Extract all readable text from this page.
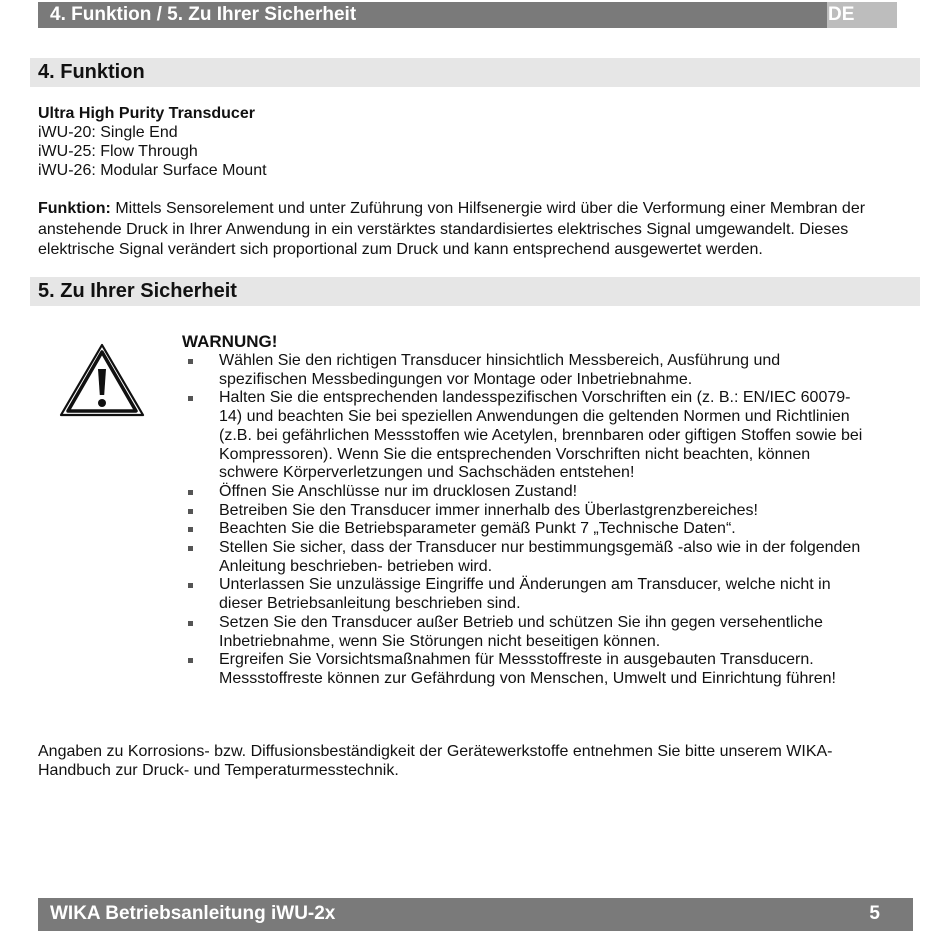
4. Funktion / 5. Zu Ihrer Sicherheit	DE
4. Funktion
Ultra High Purity Transducer
iWU-20: Single End
iWU-25: Flow Through
iWU-26: Modular Surface Mount
Funktion: Mittels Sensorelement und unter Zuführung von Hilfsenergie wird über die Verformung einer Membran der
anstehende Druck in Ihrer Anwendung in ein verstärktes standardisiertes elektrisches Signal umgewandelt. Dieses
elektrische Signal verändert sich proportional zum Druck und kann entsprechend ausgewertet werden.
5. Zu Ihrer Sicherheit
WARNUNG!
Wählen Sie den richtigen Transducer hinsichtlich Messbereich, Ausführung und
spezifischen Messbedingungen vor Montage oder Inbetriebnahme.
Halten Sie die entsprechenden landesspezifischen Vorschriften ein (z. B.: EN/IEC 60079-
14) und beachten Sie bei speziellen Anwendungen die geltenden Normen und Richtlinien
(z.B. bei gefährlichen Messstoffen wie Acetylen, brennbaren oder giftigen Stoffen sowie bei
Kompressoren). Wenn Sie die entsprechenden Vorschriften nicht beachten, können
schwere Körperverletzungen und Sachschäden entstehen!
Öffnen Sie Anschlüsse nur im drucklosen Zustand!
Betreiben Sie den Transducer immer innerhalb des Überlastgrenzbereiches!
Beachten Sie die Betriebsparameter gemäß Punkt 7 „Technische Daten“.
Stellen Sie sicher, dass der Transducer nur bestimmungsgemäß -also wie in der folgenden
Anleitung beschrieben- betrieben wird.
Unterlassen Sie unzulässige Eingriffe und Änderungen am Transducer, welche nicht in
dieser Betriebsanleitung beschrieben sind.
Setzen Sie den Transducer außer Betrieb und schützen Sie ihn gegen versehentliche
Inbetriebnahme, wenn Sie Störungen nicht beseitigen können.
Ergreifen Sie Vorsichtsmaßnahmen für Messstoffreste in ausgebauten Transducern.
Messstoffreste können zur Gefährdung von Menschen, Umwelt und Einrichtung führen!
Angaben zu Korrosions- bzw. Diffusionsbeständigkeit der Gerätewerkstoffe entnehmen Sie bitte unserem WIKA-
Handbuch zur Druck- und Temperaturmesstechnik.
WIKA Betriebsanleitung iWU-2x	5
